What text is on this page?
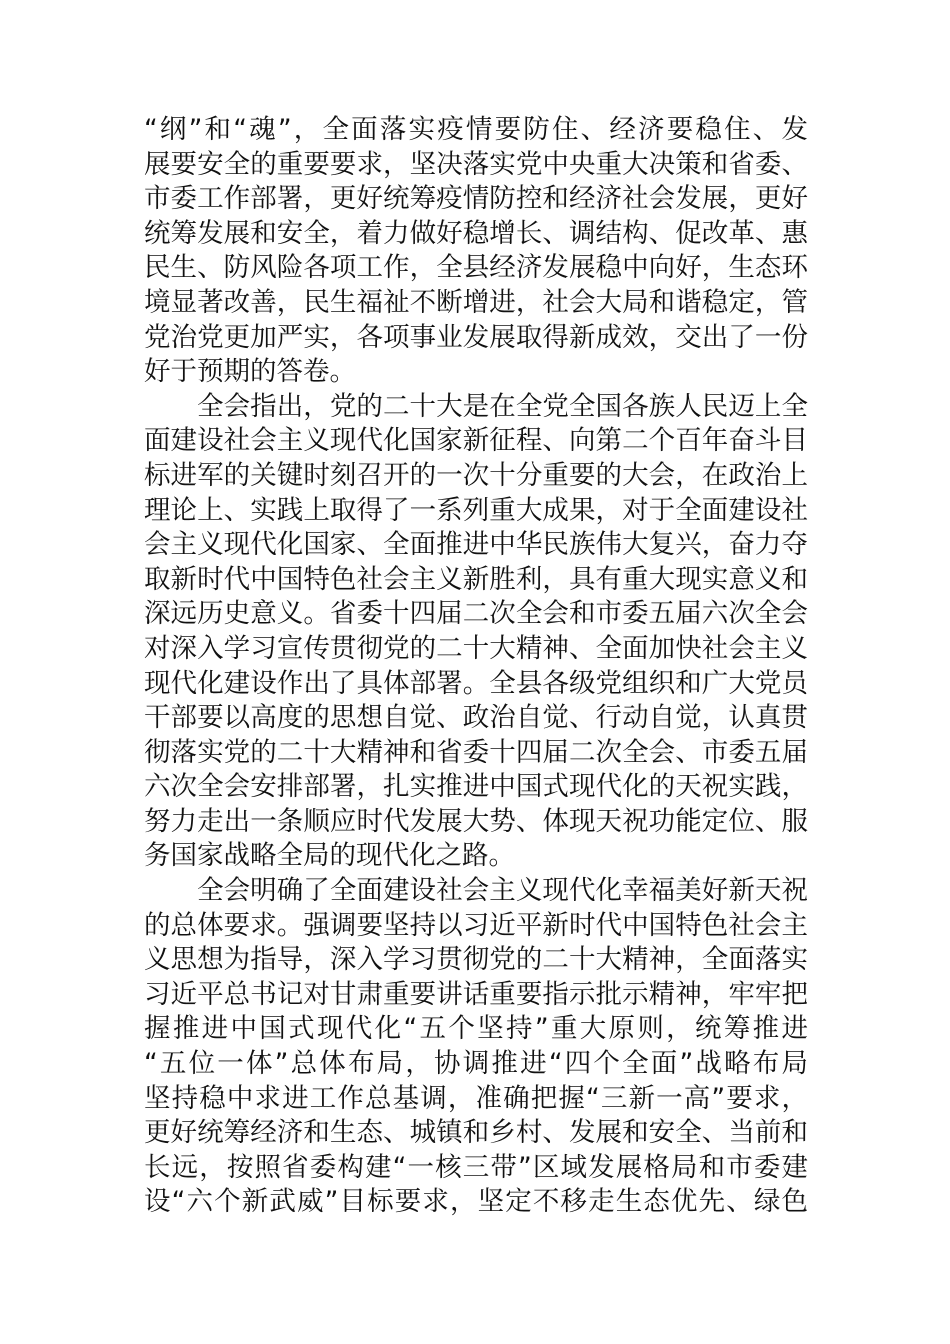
“纲”和“魂”，全面落实疫情要防住、经济要稳住、发
展要安全的重要要求，坚决落实党中央重大决策和省委、
市委工作部署，更好统筹疫情防控和经济社会发展，更好
统筹发展和安全，着力做好稳增长、调结构、促改革、惠
民生、防风险各项工作，全县经济发展稳中向好，生态环
境显著改善，民生福祉不断增进，社会大局和谐稳定，管
党治党更加严实，各项事业发展取得新成效，交出了一份
好于预期的答卷。
全会指出，党的二十大是在全党全国各族人民迈上全
面建设社会主义现代化国家新征程、向第二个百年奋斗目
标进军的关键时刻召开的一次十分重要的大会，在政治上
理论上、实践上取得了一系列重大成果，对于全面建设社
会主义现代化国家、全面推进中华民族伟大复兴，奋力夺
取新时代中国特色社会主义新胜利，具有重大现实意义和
深远历史意义。省委十四届二次全会和市委五届六次全会
对深入学习宣传贯彻党的二十大精神、全面加快社会主义
现代化建设作出了具体部署。全县各级党组织和广大党员
干部要以高度的思想自觉、政治自觉、行动自觉，认真贯
彻落实党的二十大精神和省委十四届二次全会、市委五届
六次全会安排部署，扎实推进中国式现代化的天祝实践，
努力走出一条顺应时代发展大势、体现天祝功能定位、服
务国家战略全局的现代化之路。
全会明确了全面建设社会主义现代化幸福美好新天祝
的总体要求。强调要坚持以习近平新时代中国特色社会主
义思想为指导，深入学习贯彻党的二十大精神，全面落实
习近平总书记对甘肃重要讲话重要指示批示精神，牢牢把
握推进中国式现代化“五个坚持”重大原则，统筹推进
“五位一体”总体布局，协调推进“四个全面”战略布局
坚持稳中求进工作总基调，准确把握“三新一高”要求，
更好统筹经济和生态、城镇和乡村、发展和安全、当前和
长远，按照省委构建“一核三带”区域发展格局和市委建
设“六个新武威”目标要求，坚定不移走生态优先、绿色
